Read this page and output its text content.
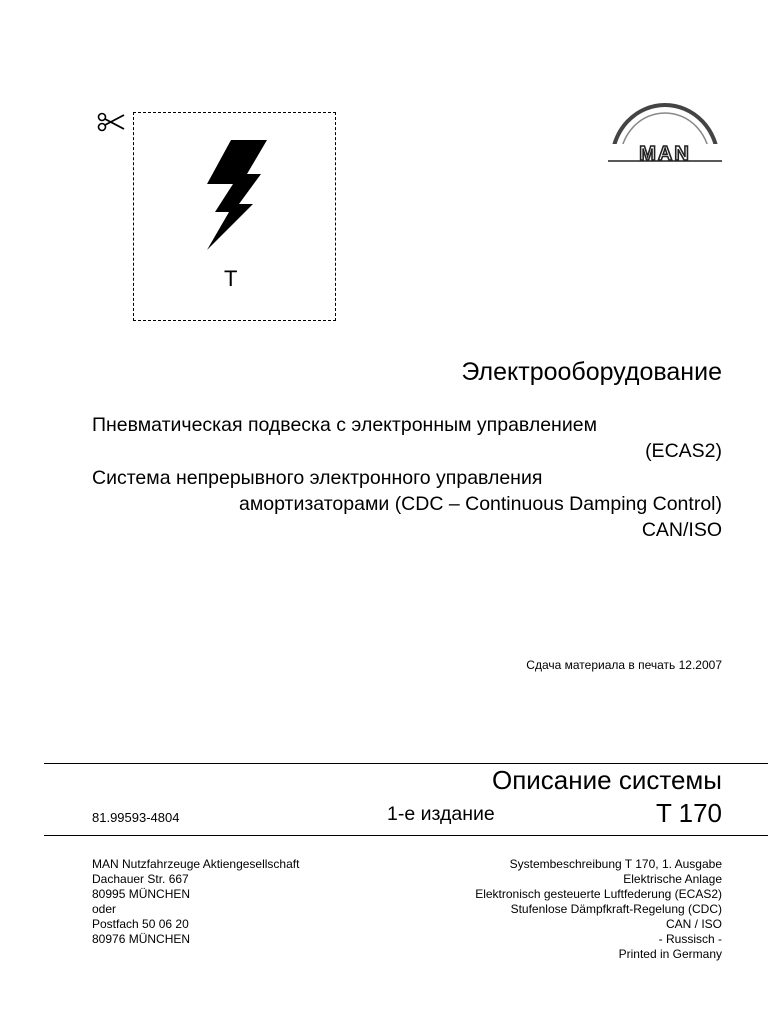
T
MAN
Электрооборудование
Пневматическая подвеска с электронным управлением
(ECAS2)
Система непрерывного электронного управления
амортизаторами (CDC – Continuous Damping Control)
CAN/ISO
Сдача материала в печать 12.2007
Описание системы
81.99593-4804	1-е издание	T 170
MAN Nutzfahrzeuge Aktiengesellschaft
Dachauer Str. 667
80995 MÜNCHEN
oder
Postfach 50 06 20
80976 MÜNCHEN
Systembeschreibung T 170, 1. Ausgabe
Elektrische Anlage
Elektronisch gesteuerte Luftfederung (ECAS2)
Stufenlose Dämpfkraft-Regelung (CDC)
CAN / ISO
- Russisch -
Printed in Germany
